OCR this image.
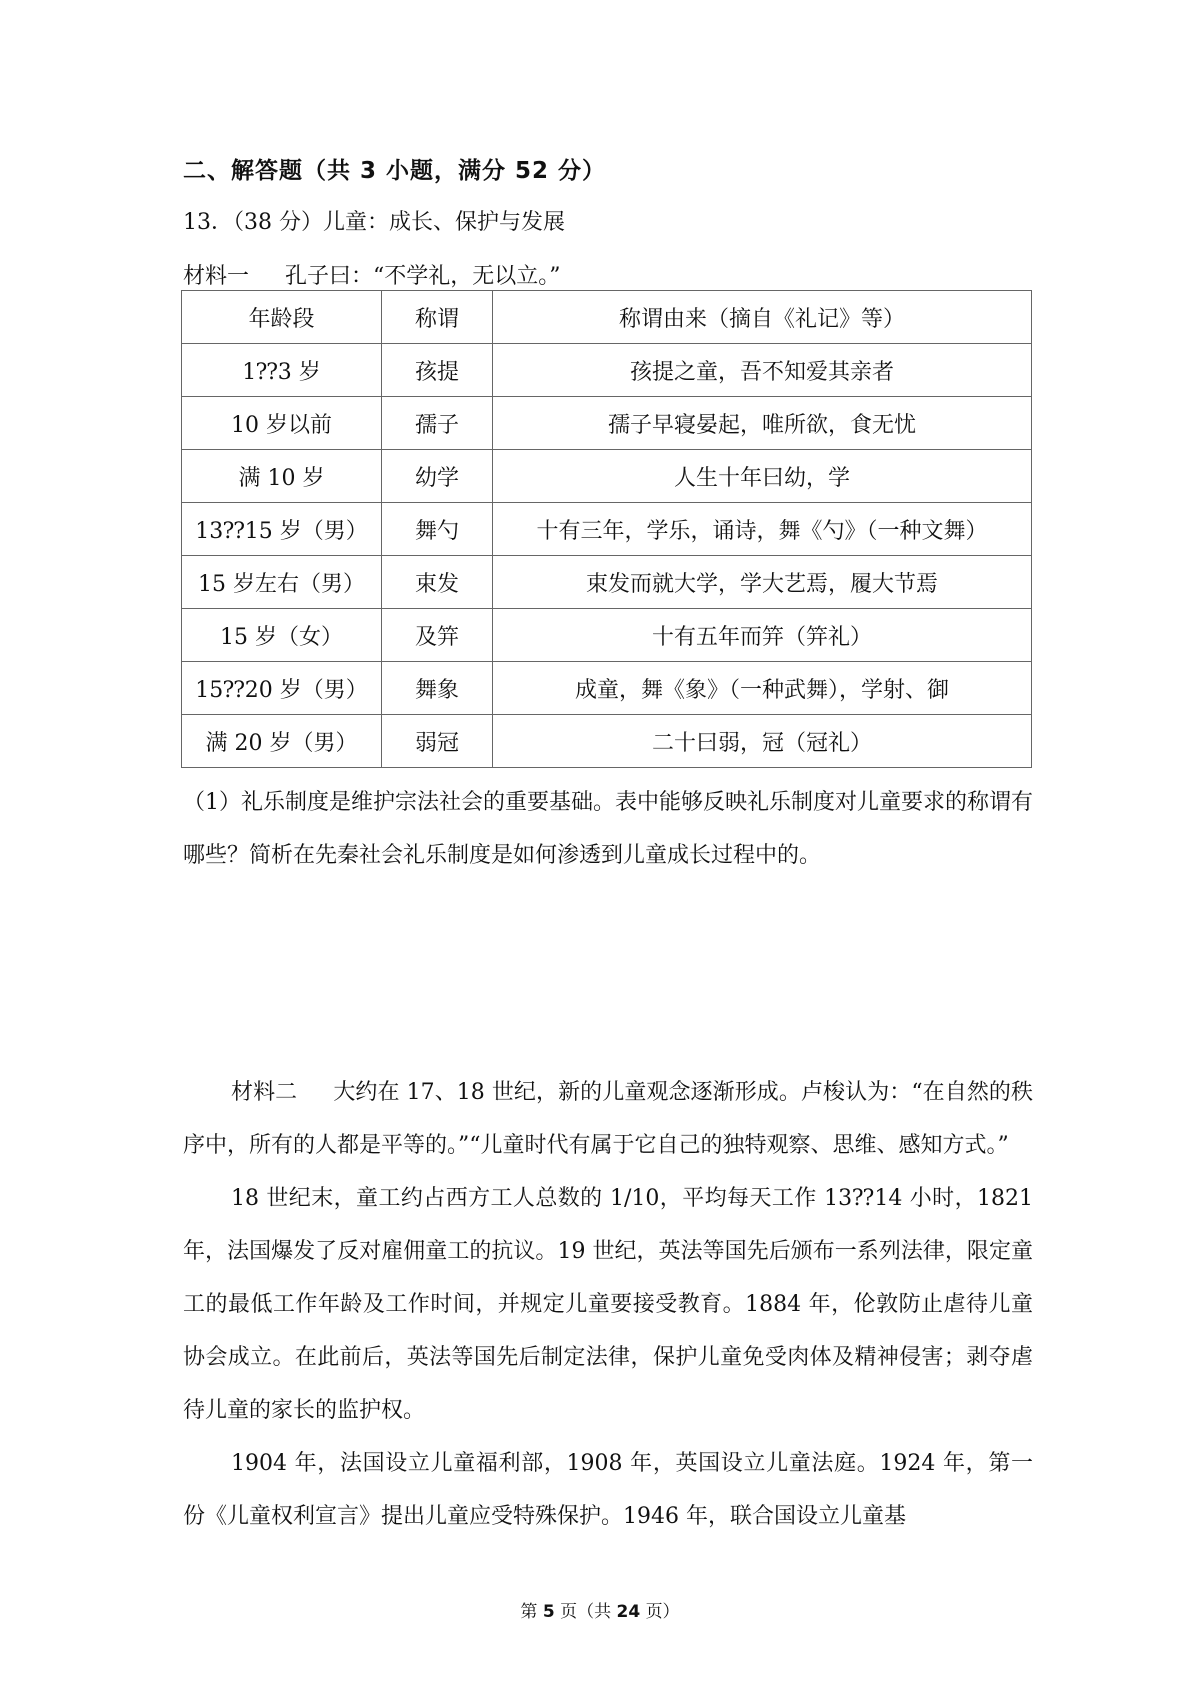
二、解答题（共 3 小题，满分 52 分）
13．（38 分）儿童：成长、保护与发展
材料一 孔子曰：“不学礼，无以立。”
年龄段	称谓	称谓由来（摘自《礼记》等）
1⁇3 岁	孩提	孩提之童，吾不知爱其亲者
10 岁以前	孺子	孺子早寝晏起，唯所欲，食无忧
满 10 岁	幼学	人生十年曰幼，学
13⁇15 岁（男）	舞勺	十有三年，学乐，诵诗，舞《勺》（一种文舞）
15 岁左右（男）	束发	束发而就大学，学大艺焉，履大节焉
15 岁（女）	及笄	十有五年而笄（笄礼）
15⁇20 岁（男）	舞象	成童，舞《象》（一种武舞），学射、御
满 20 岁（男）	弱冠	二十曰弱，冠（冠礼）
（1）礼乐制度是维护宗法社会的重要基础。表中能够反映礼乐制度对儿童要求的称谓有哪些？简析在先秦社会礼乐制度是如何渗透到儿童成长过程中的。
材料二 大约在 17、18 世纪，新的儿童观念逐渐形成。卢梭认为：“在自然的秩序中，所有的人都是平等的。”“儿童时代有属于它自己的独特观察、思维、感知方式。”
18 世纪末，童工约占西方工人总数的 1/10，平均每天工作 13⁇14 小时，1821 年，法国爆发了反对雇佣童工的抗议。19 世纪，英法等国先后颁布一系列法律，限定童工的最低工作年龄及工作时间，并规定儿童要接受教育。1884 年，伦敦防止虐待儿童协会成立。在此前后，英法等国先后制定法律，保护儿童免受肉体及精神侵害；剥夺虐待儿童的家长的监护权。
1904 年，法国设立儿童福利部，1908 年，英国设立儿童法庭。1924 年，第一份《儿童权利宣言》提出儿童应受特殊保护。1946 年，联合国设立儿童基
第 5 页（共 24 页）
